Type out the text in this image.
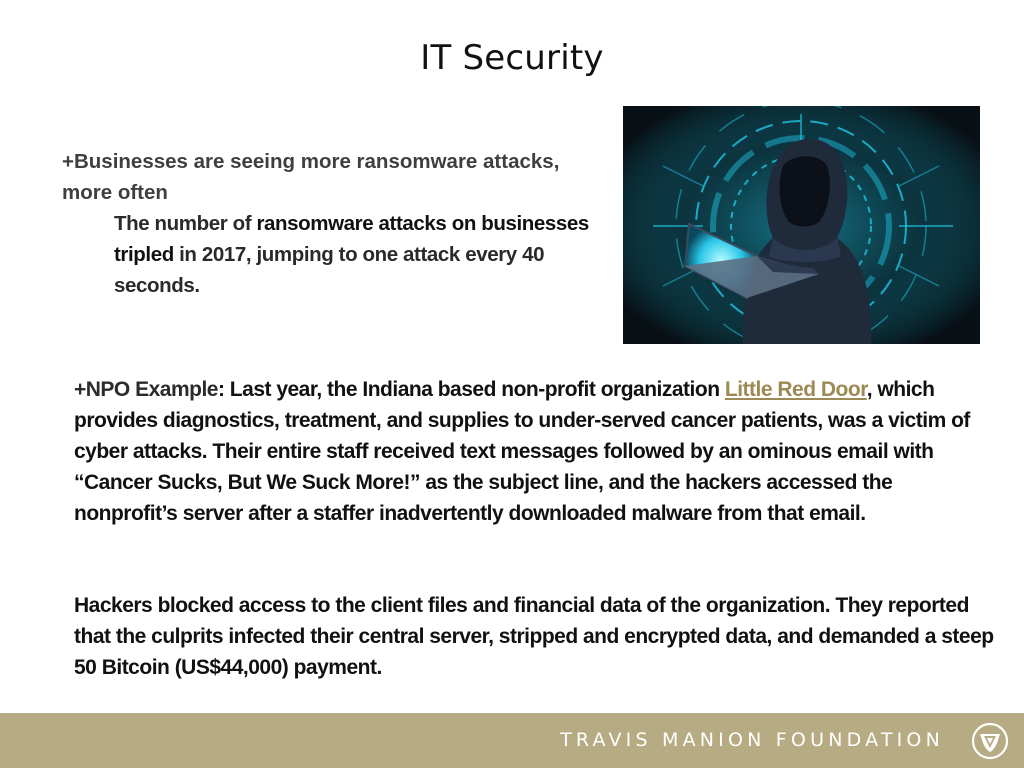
IT Security
+Businesses are seeing more ransomware attacks, more often
The number of ransomware attacks on businesses tripled in 2017, jumping to one attack every 40 seconds.
+NPO Example: Last year, the Indiana based non-profit organization Little Red Door, which provides diagnostics, treatment, and supplies to under-served cancer patients, was a victim of cyber attacks. Their entire staff received text messages followed by an ominous email with “Cancer Sucks, But We Suck More!” as the subject line, and the hackers accessed the nonprofit’s server after a staffer inadvertently downloaded malware from that email.
Hackers blocked access to the client files and financial data of the organization. They reported that the culprits infected their central server, stripped and encrypted data, and demanded a steep 50 Bitcoin (US$44,000) payment.
TRAVIS MANION FOUNDATION
